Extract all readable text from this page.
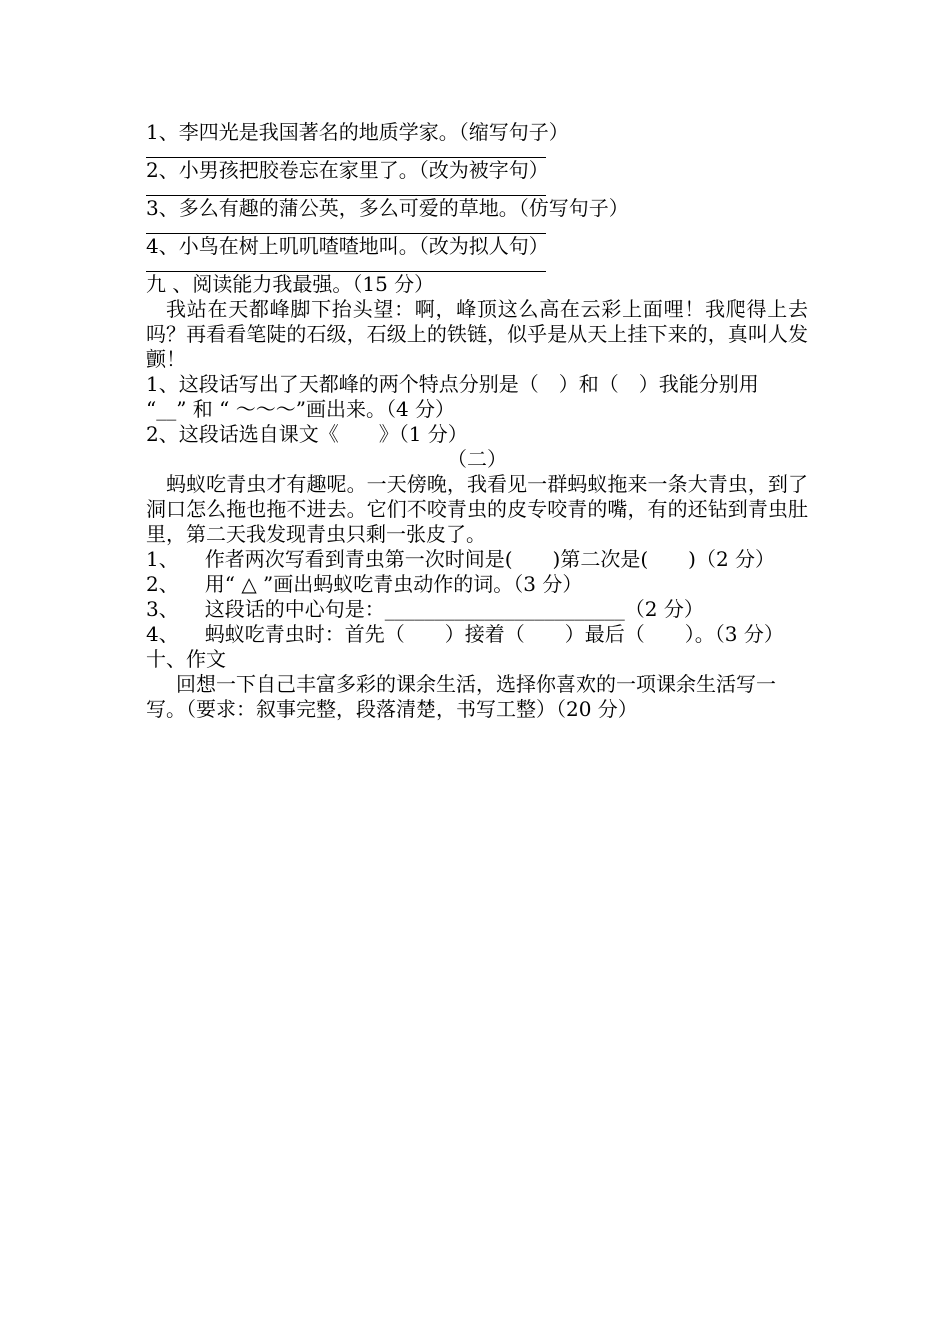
1、李四光是我国著名的地质学家。（缩写句子）
2、小男孩把胶卷忘在家里了。（改为被字句）
3、多么有趣的蒲公英，多么可爱的草地。（仿写句子）
4、小鸟在树上叽叽喳喳地叫。（改为拟人句）
九 、阅读能力我最强。（15 分）
我站在天都峰脚下抬头望：啊，峰顶这么高在云彩上面哩！我爬得上去吗？再看看笔陡的石级，石级上的铁链，似乎是从天上挂下来的，真叫人发颤！
1、这段话写出了天都峰的两个特点分别是（　）和（　）我能分别用
“__” 和 “ ～～～”画出来。（4 分）
2、这段话选自课文《　　》（1 分）
（二）
蚂蚁吃青虫才有趣呢。一天傍晚，我看见一群蚂蚁拖来一条大青虫，到了洞口怎么拖也拖不进去。它们不咬青虫的皮专咬青的嘴，有的还钻到青虫肚里，第二天我发现青虫只剩一张皮了。
1、 作者两次写看到青虫第一次时间是(　　)第二次是(　　)（2 分）
2、 用“ △ ”画出蚂蚁吃青虫动作的词。（3 分）
3、 这段话的中心句是：________________________（2 分）
4、 蚂蚁吃青虫时：首先（　　）接着（　　）最后（　　）。（3 分）
十、作文
回想一下自己丰富多彩的课余生活，选择你喜欢的一项课余生活写一写。（要求：叙事完整，段落清楚，书写工整）（20 分）
